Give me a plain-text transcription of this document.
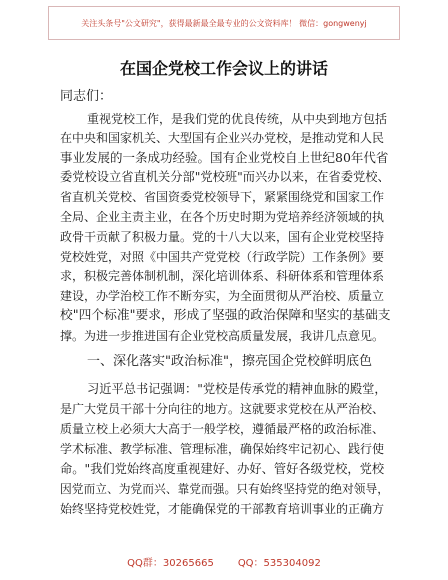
关注头条号"公文研究"，获得最新最全最专业的公文资料库！ 微信：gongwenyj
在国企党校工作会议上的讲话
同志们：
重视党校工作，是我们党的优良传统，从中央到地方包括
在中央和国家机关、大型国有企业兴办党校，是推动党和人民
事业发展的一条成功经验。国有企业党校自上世纪80年代省
委党校设立省直机关分部"党校班"而兴办以来，在省委党校、
省直机关党校、省国资委党校领导下，紧紧围绕党和国家工作
全局、企业主责主业，在各个历史时期为党培养经济领域的执
政骨干贡献了积极力量。党的十八大以来，国有企业党校坚持
党校姓党，对照《中国共产党党校（行政学院）工作条例》要
求，积极完善体制机制，深化培训体系、科研体系和管理体系
建设，办学治校工作不断夯实，为全面贯彻从严治校、质量立
校"四个标准"要求，形成了坚强的政治保障和坚实的基础支
撑。为进一步推进国有企业党校高质量发展，我讲几点意见。
一、深化落实"政治标准"，擦亮国企党校鲜明底色
习近平总书记强调："党校是传承党的精神血脉的殿堂，
是广大党员干部十分向往的地方。这就要求党校在从严治校、
质量立校上必须大大高于一般学校，遵循最严格的政治标准、
学术标准、教学标准、管理标准，确保始终牢记初心、践行使
命。"我们党始终高度重视建好、办好、管好各级党校，党校
因党而立、为党而兴、靠党而强。只有始终坚持党的绝对领导，
始终坚持党校姓党，才能确保党的干部教育培训事业的正确方
QQ群：30265665 QQ：535304092
